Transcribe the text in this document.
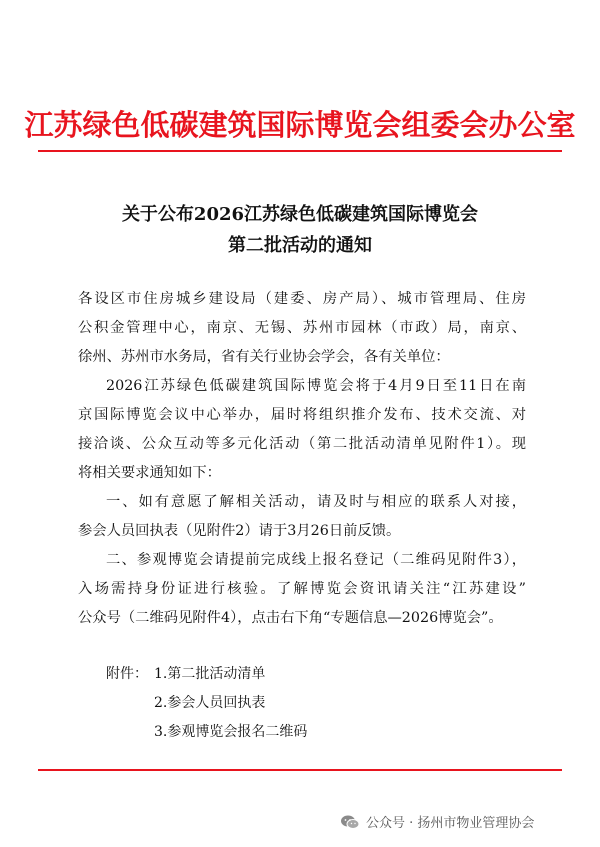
江苏绿色低碳建筑国际博览会组委会办公室
关于公布2026江苏绿色低碳建筑国际博览会
第二批活动的通知
各设区市住房城乡建设局（建委、房产局）、城市管理局、住房
公积金管理中心，南京、无锡、苏州市园林（市政）局，南京、
徐州、苏州市水务局，省有关行业协会学会，各有关单位：
2026江苏绿色低碳建筑国际博览会将于4月9日至11日在南
京国际博览会议中心举办，届时将组织推介发布、技术交流、对
接洽谈、公众互动等多元化活动（第二批活动清单见附件1）。现
将相关要求通知如下：
一、如有意愿了解相关活动，请及时与相应的联系人对接，
参会人员回执表（见附件2）请于3月26日前反馈。
二、参观博览会请提前完成线上报名登记（二维码见附件3），
入场需持身份证进行核验。了解博览会资讯请关注“江苏建设”
公众号（二维码见附件4），点击右下角“专题信息—2026博览会”。
附件： 1.第二批活动清单
2.参会人员回执表
3.参观博览会报名二维码
公众号 · 扬州市物业管理协会
